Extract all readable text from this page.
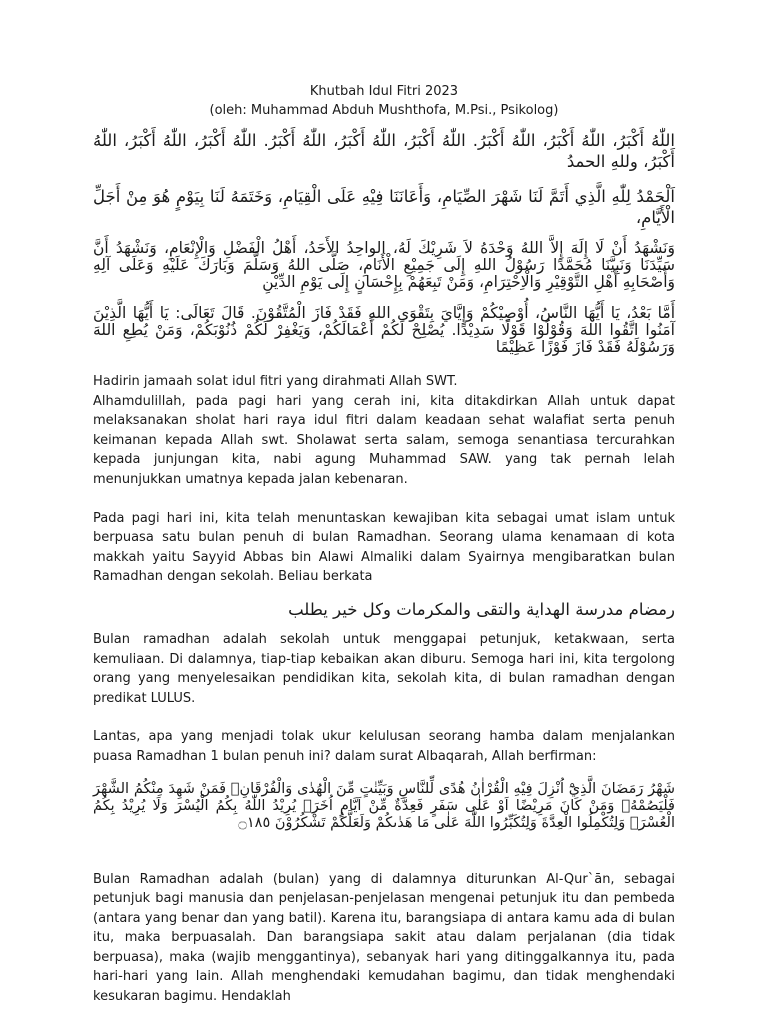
Khutbah Idul Fitri 2023
(oleh: Muhammad Abduh Mushthofa, M.Psi., Psikolog)
اللّٰهُ أَكْبَرُ، اللّٰهُ أَكْبَرُ، اللّٰهُ أَكْبَرُ. اللّٰهُ أَكْبَرُ، اللّٰهُ أَكْبَرُ، اللّٰهُ أَكْبَرُ. اللّٰهُ أَكْبَرُ، اللّٰهُ أَكْبَرُ، اللّٰهُ أَكْبَرُ، وللهِ الحمدُ
اَلْحَمْدُ لِلّٰهِ الَّذِي أَتَمَّ لَنَا شَهْرَ الصِّيَامِ، وَأَعَانَنَا فِيْهِ عَلَى الْقِيَامِ، وَخَتَمَهُ لَنَا بِيَوْمٍ هُوَ مِنْ أَجَلِّ الْأَيَّامِ،
وَنَشْهَدُ أَنْ لَا إِلَهَ إِلاَّ اللهُ وَحْدَهُ لاَ شَرِيْكَ لَهُ، الواحِدُ الأَحَدُ، أَهْلُ الْفَضْلِ وَالْإِنْعَامِ، وَنَشْهَدُ أَنَّ سَيِّدَنَا وَنَبِيَّنَا مُحَمَّدًا رَسُوْلُ اللهِ إِلَى جَمِيْعِ الْأَنَامِ، صَلَّى اللهُ وَسَلَّمَ وَبَارَكَ عَلَيْهِ وَعَلَى آلِهِ وَأَصْحَابِهِ أَهْلِ التَّوْقِيْرِ وَالْاِحْتِرَامِ، وَمَنْ تَبِعَهُمْ بِإِحْسَانٍ إِلَى يَوْمِ الدِّيْنِ
أَمَّا بَعْدُ، يَا أَيُّهَا النَّاسُ، أُوْصِيْكُمْ وَإِيَّايَ بِتَقْوَى اللهِ فَقَدْ فَازَ الْمُتَّقُوْنَ. قَالَ تَعَالَى: يَا أَيُّهَا الَّذِيْنَ آمَنُوا اتَّقُوا اللهَ وَقُوْلُوْا قَوْلًا سَدِيْدًا. يُصْلِحْ لَكُمْ أَعْمَالَكُمْ، وَيَغْفِرْ لَكُمْ ذُنُوْبَكُمْ، وَمَنْ يُطِعِ اللهَ وَرَسُوْلَهُ فَقَدْ فَازَ فَوْزًا عَظِيْمًا

Hadirin jamaah solat idul fitri yang dirahmati Allah SWT.

Alhamdulillah, pada pagi hari yang cerah ini, kita ditakdirkan Allah untuk dapat melaksanakan sholat hari raya idul fitri dalam keadaan sehat walafiat serta penuh keimanan kepada Allah swt. Sholawat serta salam, semoga senantiasa tercurahkan kepada junjungan kita, nabi agung Muhammad SAW. yang tak pernah lelah menunjukkan umatnya kepada jalan kebenaran.

Pada pagi hari ini, kita telah menuntaskan kewajiban kita sebagai umat islam untuk berpuasa satu bulan penuh di bulan Ramadhan. Seorang ulama kenamaan di kota makkah yaitu Sayyid Abbas bin Alawi Almaliki dalam Syairnya mengibaratkan bulan Ramadhan dengan sekolah. Beliau berkata

رمضام مدرسة الهداية والتقى والمكرمات وكل خير يطلب

Bulan ramadhan adalah sekolah untuk menggapai petunjuk, ketakwaan, serta kemuliaan. Di dalamnya, tiap-tiap kebaikan akan diburu. Semoga hari ini, kita tergolong orang yang menyelesaikan pendidikan kita, sekolah kita, di bulan ramadhan dengan predikat LULUS.

Lantas, apa yang menjadi tolak ukur kelulusan seorang hamba dalam menjalankan puasa Ramadhan 1 bulan penuh ini? dalam surat Albaqarah, Allah berfirman:

شَهْرُ رَمَضَانَ الَّذِيْٓ اُنْزِلَ فِيْهِ الْقُرْاٰنُ هُدًى لِّلنَّاسِ وَبَيِّنٰتٍ مِّنَ الْهُدٰى وَالْفُرْقَانِۚ فَمَنْ شَهِدَ مِنْكُمُ الشَّهْرَ فَلْيَصُمْهُۗ وَمَنْ كَانَ مَرِيْضًا اَوْ عَلٰى سَفَرٍ فَعِدَّةٌ مِّنْ اَيَّامٍ اُخَرَۗ يُرِيْدُ اللّٰهُ بِكُمُ الْيُسْرَ وَلَا يُرِيْدُ بِكُمُ الْعُسْرَۖ وَلِتُكْمِلُوا الْعِدَّةَ وَلِتُكَبِّرُوا اللّٰهَ عَلٰى مَا هَدٰىكُمْ وَلَعَلَّكُمْ تَشْكُرُوْنَ ۝١٨٥

Bulan Ramadhan adalah (bulan) yang di dalamnya diturunkan Al-Qur`ān, sebagai petunjuk bagi manusia dan penjelasan-penjelasan mengenai petunjuk itu dan pembeda (antara yang benar dan yang batil). Karena itu, barangsiapa di antara kamu ada di bulan itu, maka berpuasalah. Dan barangsiapa sakit atau dalam perjalanan (dia tidak berpuasa), maka (wajib menggantinya), sebanyak hari yang ditinggalkannya itu, pada hari-hari yang lain. Allah menghendaki kemudahan bagimu, dan tidak menghendaki kesukaran bagimu. Hendaklah
